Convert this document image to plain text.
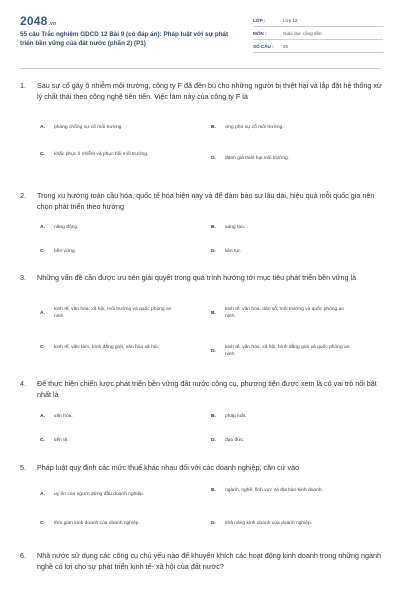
2048.vn
55 câu Trắc nghiệm GDCD 12 Bài 9 (có đáp án): Pháp luật với sự phát triển bền vững của đất nước (phần 2) (P1)
LỚP :	Lớp 12
MÔN :	Giáo dục công dân
SỐ CÂU :	25
1.	Sau sự cố gây ô nhiễm môi trường, công ty F đã đền bù cho những người bị thiệt hại và lắp đặt hệ thống xử lý chất thải theo công nghệ tiên tiến. Việc làm này của công ty F là
A.	phòng chống sự cố môi trường.	B.	ứng phó sự cố môi trường.
C.	khắc phục ô nhiễm và phục hồi môi trường.
D.	đánh giá thiệt hại môi trường.
2.	Trong xu hướng toàn cầu hóa, quốc tế hóa hiện nay và để đảm bảo sự lâu dài, hiệu quả mỗi quốc gia nên chọn phát triển theo hướng
A.	năng động.	B.	sáng tạo.
C.	bền vững.	D.	liên tục.
3.	Những vấn đề cần được ưu tiên giải quyết trong quá trình hướng tới mục tiêu phát triển bền vững là
A.
kinh tế, văn hóa, xã hội, môi trường và quốc phòng an ninh.
B.
kinh tế, văn hóa, dân số, môi trường và quốc phòng an ninh.
C.	kinh tế, việc làm, bình đẳng giới, văn hóa xã hội.
D.
kinh tế, văn hóa, xã hội, bình đẳng giới và quốc phòng an ninh.
4.	Để thực hiện chiến lược phát triển bền vững đất nước công cụ, phương tiện được xem là có vai trò nổi bật nhất là
A.	văn hóa.	B.	pháp luật.
C.	tiền tệ.	D.	đạo đức.
5.	Pháp luật quy định các mức thuế khác nhau đối với các doanh nghiệp, căn cứ vào
A.	uy tín của người đứng đầu doanh nghiệp.
B.	ngành, nghề, lĩnh vực và địa bàn kinh doanh.
C.	thời gian kinh doanh của doanh nghiệp.	D.	khả năng kinh doanh của doanh nghiệp.
6.	Nhà nước sử dụng các công cụ chủ yếu nào để khuyến khích các hoạt động kinh doanh trong những ngành nghề có lợi cho sự phát triển kinh tế- xã hội của đất nước?
